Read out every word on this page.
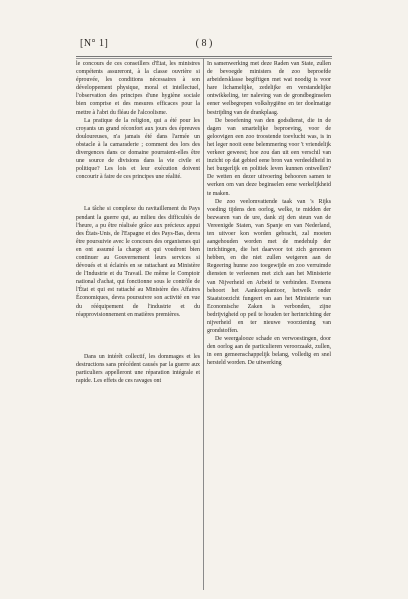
[N° 1]	( 8 )

le concours de ces conseillers d'État, les ministres compétents assureront, à la classe ouvrière si éprouvée, les conditions nécessaires à son développement physique, moral et intellectuel, l'observation des principes d'une hygiène sociale bien comprise et des mesures efficaces pour la mettre à l'abri du fléau de l'alcoolisme.

La pratique de la religion, qui a été pour les croyants un grand réconfort aux jours des épreuves douloureuses, n'a jamais été dans l'armée un obstacle à la camaraderie ; comment des lors des divergences dans ce domaine pourraient-elles être une source de divisions dans la vie civile et politique? Les lois et leur exécution doivent concourir à faire de ces principes une réalité.

La tâche si complexe du ravitaillement du Pays pendant la guerre qui, au milieu des difficultés de l'heure, a pu être réalisée grâce aux précieux appui des États-Unis, de l'Espagne et des Pays-Bas, devra être poursuivie avec le concours des organismes qui en ont assumé la charge et qui voudront bien continuer au Gouvernement leurs services si dévoués et si éclairés en se rattachant au Ministère de l'Industrie et du Travail. De même le Comptoir national d'achat, qui fonctionne sous le contrôle de l'État et qui est rattaché au Ministère des Affaires Économiques, devra poursuivre son activité en vue du rééquipement de l'industrie et du réapprovisionnement en matières premières.

Dans un intérêt collectif, les dommages et les destructions sans précédent causés par la guerre aux particuliers appelleront une réparation intégrale et rapide. Les effets de ces ravages ont

In samenwerking met deze Raden van State, zullen de bevoegde ministers de zoo beproefde arbeidersklasse begiftigen met wat noodig is voor hare lichamelijke, zedelijke en verstandelijke ontwikkeling, ter naleving van de grondbeginselen eener welbegrepen volkshygiëne en ter doelmatige bestrijding van de drankplaag.

De beoefening van den godsdienst, die in de dagen van smartelijke beproeving, voor de geloovigen een zoo troostende toevlucht was, is in het leger nooit eene belemmering voor 't vriendelijk verkeer geweest; hoe zou dan uit een verschil van inzicht op dat gebied eene bron van verdeeldheid in het burgerlijk en politiek leven kunnen ontwellen? De wetten en dezer uitvoering behooren samen te werken om van deze beginselen eene werkelijkheid te maken.

De zoo veelomvattende taak van 's Rijks voeding tijdens den oorlog, welke, te midden der bezwaren van de ure, dank zij den steun van de Vereenigde Staten, van Spanje en van Nederland, ten uitvoer kon worden gebracht, zal moeten aangehouden worden met de medehulp der inrichtingen, die het daarvoor tot zich genomen hebben, en die niet zullen weigeren aan de Regeering hunne zoo toegewijde en zoo verruimde diensten te verleenen met zich aan het Ministerie van Nijverheid en Arbeid te verbinden. Evenens behoort het Aankoopkantoor, hetwelk onder Staatstoezicht fungeert en aan het Ministerie van Economische Zaken is verbonden, zijne bedrijvigheid op peil te houden ter herinrichting der nijverheid en ter nieuwe voorziening van grondstoffen.

De weergalooze schade en verwoestingen, door den oorlog aan de particulieren veroorzaakt, zullen, in een gemeenschappelijk belang, volledig en snel hersteld worden. De uitwerking
